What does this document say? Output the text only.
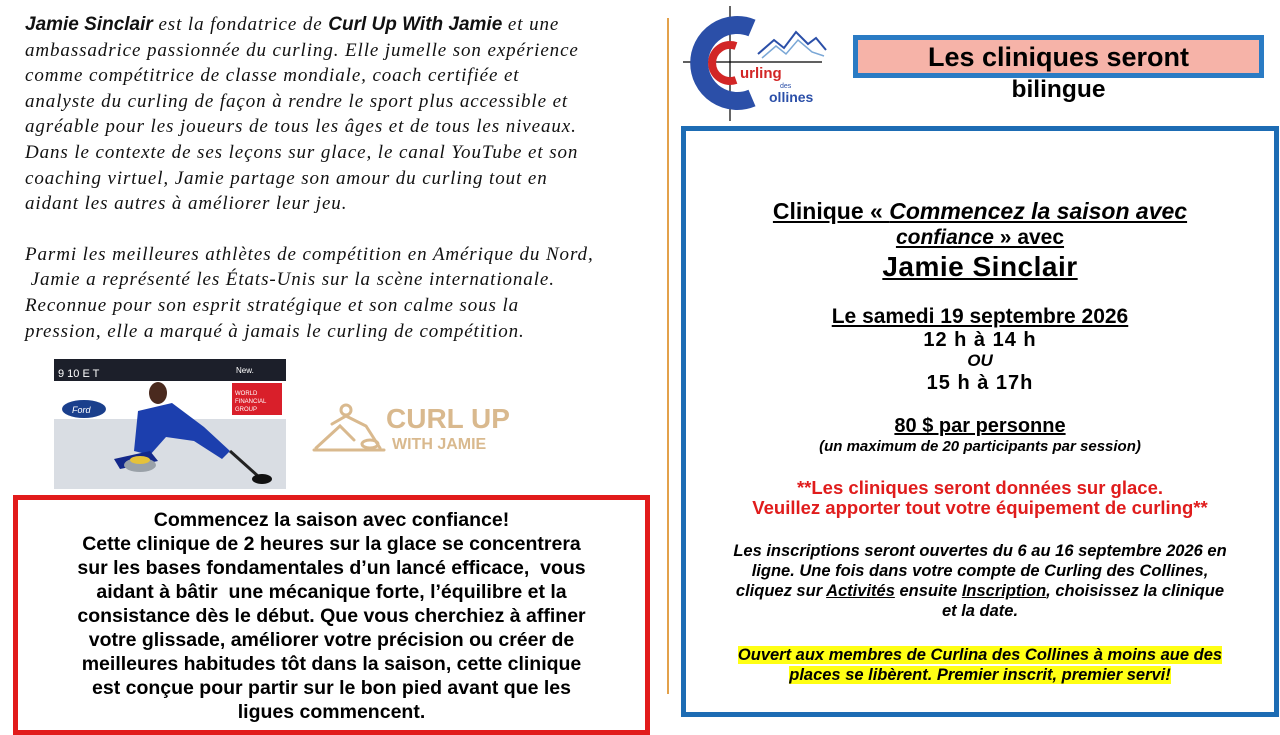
Jamie Sinclair est la fondatrice de Curl Up With Jamie et une
ambassadrice passionnée du curling. Elle jumelle son expérience
comme compétitrice de classe mondiale, coach certifiée et
analyste du curling de façon à rendre le sport plus accessible et
agréable pour les joueurs de tous les âges et de tous les niveaux.
Dans le contexte de ses leçons sur glace, le canal YouTube et son
coaching virtuel, Jamie partage son amour du curling tout en
aidant les autres à améliorer leur jeu.

Parmi les meilleures athlètes de compétition en Amérique du Nord,
Jamie a représenté les États-Unis sur la scène internationale.
Reconnue pour son esprit stratégique et son calme sous la
pression, elle a marqué à jamais le curling de compétition.

9 10 E T
Ford
WORLD
FINANCIAL
GROUP
New.
CURL UP
WITH JAMIE
Commencez la saison avec confiance!
Cette clinique de 2 heures sur la glace se concentrera
sur les bases fondamentales d’un lancé efficace,  vous
aidant à bâtir  une mécanique forte, l’équilibre et la
consistance dès le début. Que vous cherchiez à affiner
votre glissade, améliorer votre précision ou créer de
meilleures habitudes tôt dans la saison, cette clinique
est conçue pour partir sur le bon pied avant que les
ligues commencent.
urling
des
ollines
Les cliniques seront
bilingue
Clinique « Commencez la saison avec
confiance » avec
Jamie Sinclair
Le samedi 19 septembre 2026
12 h à 14 h
OU
15 h à 17h
80 $ par personne
(un maximum de 20 participants par session)
**Les cliniques seront données sur glace.
Veuillez apporter tout votre équipement de curling**
Les inscriptions seront ouvertes du 6 au 16 septembre 2026 en
ligne. Une fois dans votre compte de Curling des Collines,
cliquez sur Activités ensuite Inscription, choisissez la clinique
et la date.
Ouvert aux membres de Curlina des Collines à moins aue des
places se libèrent. Premier inscrit, premier servi!
